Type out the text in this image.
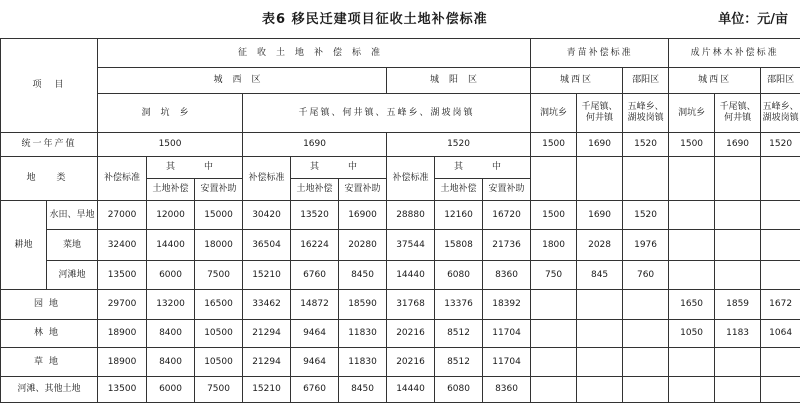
表6 移民迁建项目征收土地补偿标准	单位：元/亩
项　目		征收土地补偿标准									青苗补偿标准			成片林木补偿标准		
		城西区						城阳区			城西区		邵阳区	城西区		邵阳区
		洞坑乡			千尾镇、何井镇、五峰乡、湖坡岗镇						洞坑乡	千尾镇、何井镇	五峰乡、湖坡岗镇	洞坑乡	千尾镇、何井镇	五峰乡、湖坡岗镇
统一年产值		1500			1690			1520			1500	1690	1520	1500	1690	1520
地　类		补偿标准	其　中		补偿标准	其　中		补偿标准	其　中							
			土地补偿	安置补助		土地补偿	安置补助		土地补偿	安置补助						
耕地	水田、旱地	27000	12000	15000	30420	13520	16900	28880	12160	16720	1500	1690	1520			
	菜地	32400	14400	18000	36504	16224	20280	37544	15808	21736	1800	2028	1976			
	河滩地	13500	6000	7500	15210	6760	8450	14440	6080	8360	750	845	760			
园地		29700	13200	16500	33462	14872	18590	31768	13376	18392				1650	1859	1672
林地		18900	8400	10500	21294	9464	11830	20216	8512	11704				1050	1183	1064
草地		18900	8400	10500	21294	9464	11830	20216	8512	11704						
河滩、其他土地		13500	6000	7500	15210	6760	8450	14440	6080	8360						
